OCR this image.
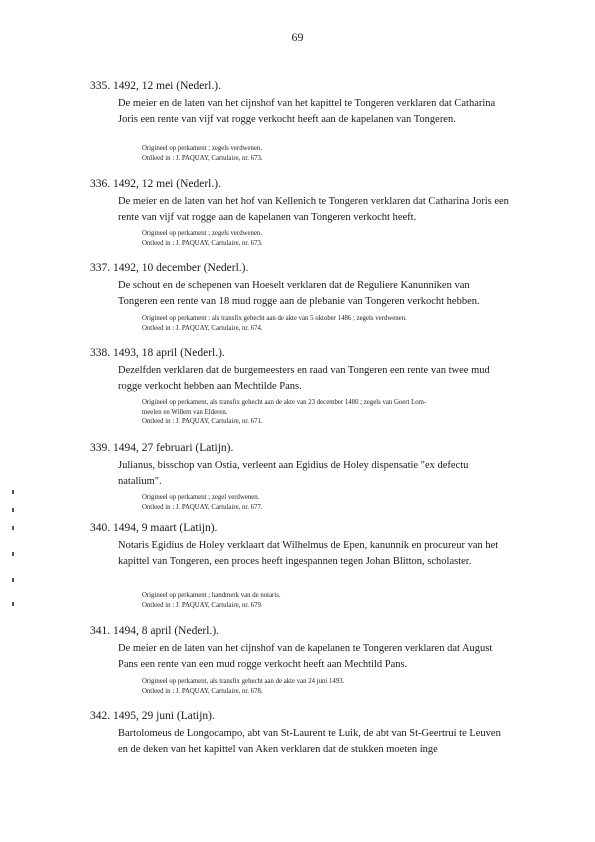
69
335. 1492, 12 mei (Nederl.).
De meier en de laten van het cijnshof van het kapittel te Tongeren verklaren dat Catharina Joris een rente van vijf vat rogge verkocht heeft aan de kapelanen van Tongeren.
Origineel op perkament ; zegels verdwenen.
Onlleed in : J. PAQUAY, Cartulaire, nr. 673.
336. 1492, 12 mei (Nederl.).
De meier en de laten van het hof van Kellenich te Tongeren verklaren dat Catharina Joris een rente van vijf vat rogge aan de kapelanen van Tongeren verkocht heeft.
Origineel op perkament ; zegels verdwenen.
Ontleed in : J. PAQUAY, Cartulaire, nr. 673.
337. 1492, 10 december (Nederl.).
De schout en de schepenen van Hoeselt verklaren dat de Reguliere Kanunniken van Tongeren een rente van 18 mud rogge aan de plebanie van Tongeren verkocht hebben.
Origineel op perkament : als transfix gehecht aan de akte van 5 oktober 1486 ; zegels verdwenen.
Ontleed in : J. PAQUAY, Cartulaire, nr. 674.
338. 1493, 18 april (Nederl.).
Dezelfden verklaren dat de burgemeesters en raad van Tongeren een rente van twee mud rogge verkocht hebben aan Mechtilde Pans.
Origineel op perkament, als transfix gehecht aan de akte van 23 december 1480 ; zegels van Goert Lom-
meelen en Willem van Elderen.
Ontleed in : J. PAQUAY, Cartulaire, nr. 671.
339. 1494, 27 februari (Latijn).
Julianus, bisschop van Ostia, verleent aan Egidius de Holey dispensatie "ex defectu natalium".
Origineel op perkament ; zegel verdwenen.
Ontleed in : J. PAQUAY, Cartulaire, nr. 677.
340. 1494, 9 maart (Latijn).
Notaris Egidius de Holey verklaart dat Wilhelmus de Epen, kanunnik en procureur van het kapittel van Tongeren, een proces heeft ingespannen tegen Johan Blitton, scholaster.
Origineel op perkament ; handmerk van de notaris.
Ontleed in : J. PAQUAY, Cartulaire, nr. 679.
341. 1494, 8 april (Nederl.).
De meier en de laten van het cijnshof van de kapelanen te Tongeren verklaren dat August Pans een rente van een mud rogge verkocht heeft aan Mechtild Pans.
Origineel op perkament, als transfix gehecht aan de akte van 24 juni 1493.
Ontleed in : J. PAQUAY, Cartulaire, nr. 678.
342. 1495, 29 juni (Latijn).
Bartolomeus de Longocampo, abt van St-Laurent te Luik, de abt van St-Geertrui te Leuven en de deken van het kapittel van Aken verklaren dat de stukken moeten inge
